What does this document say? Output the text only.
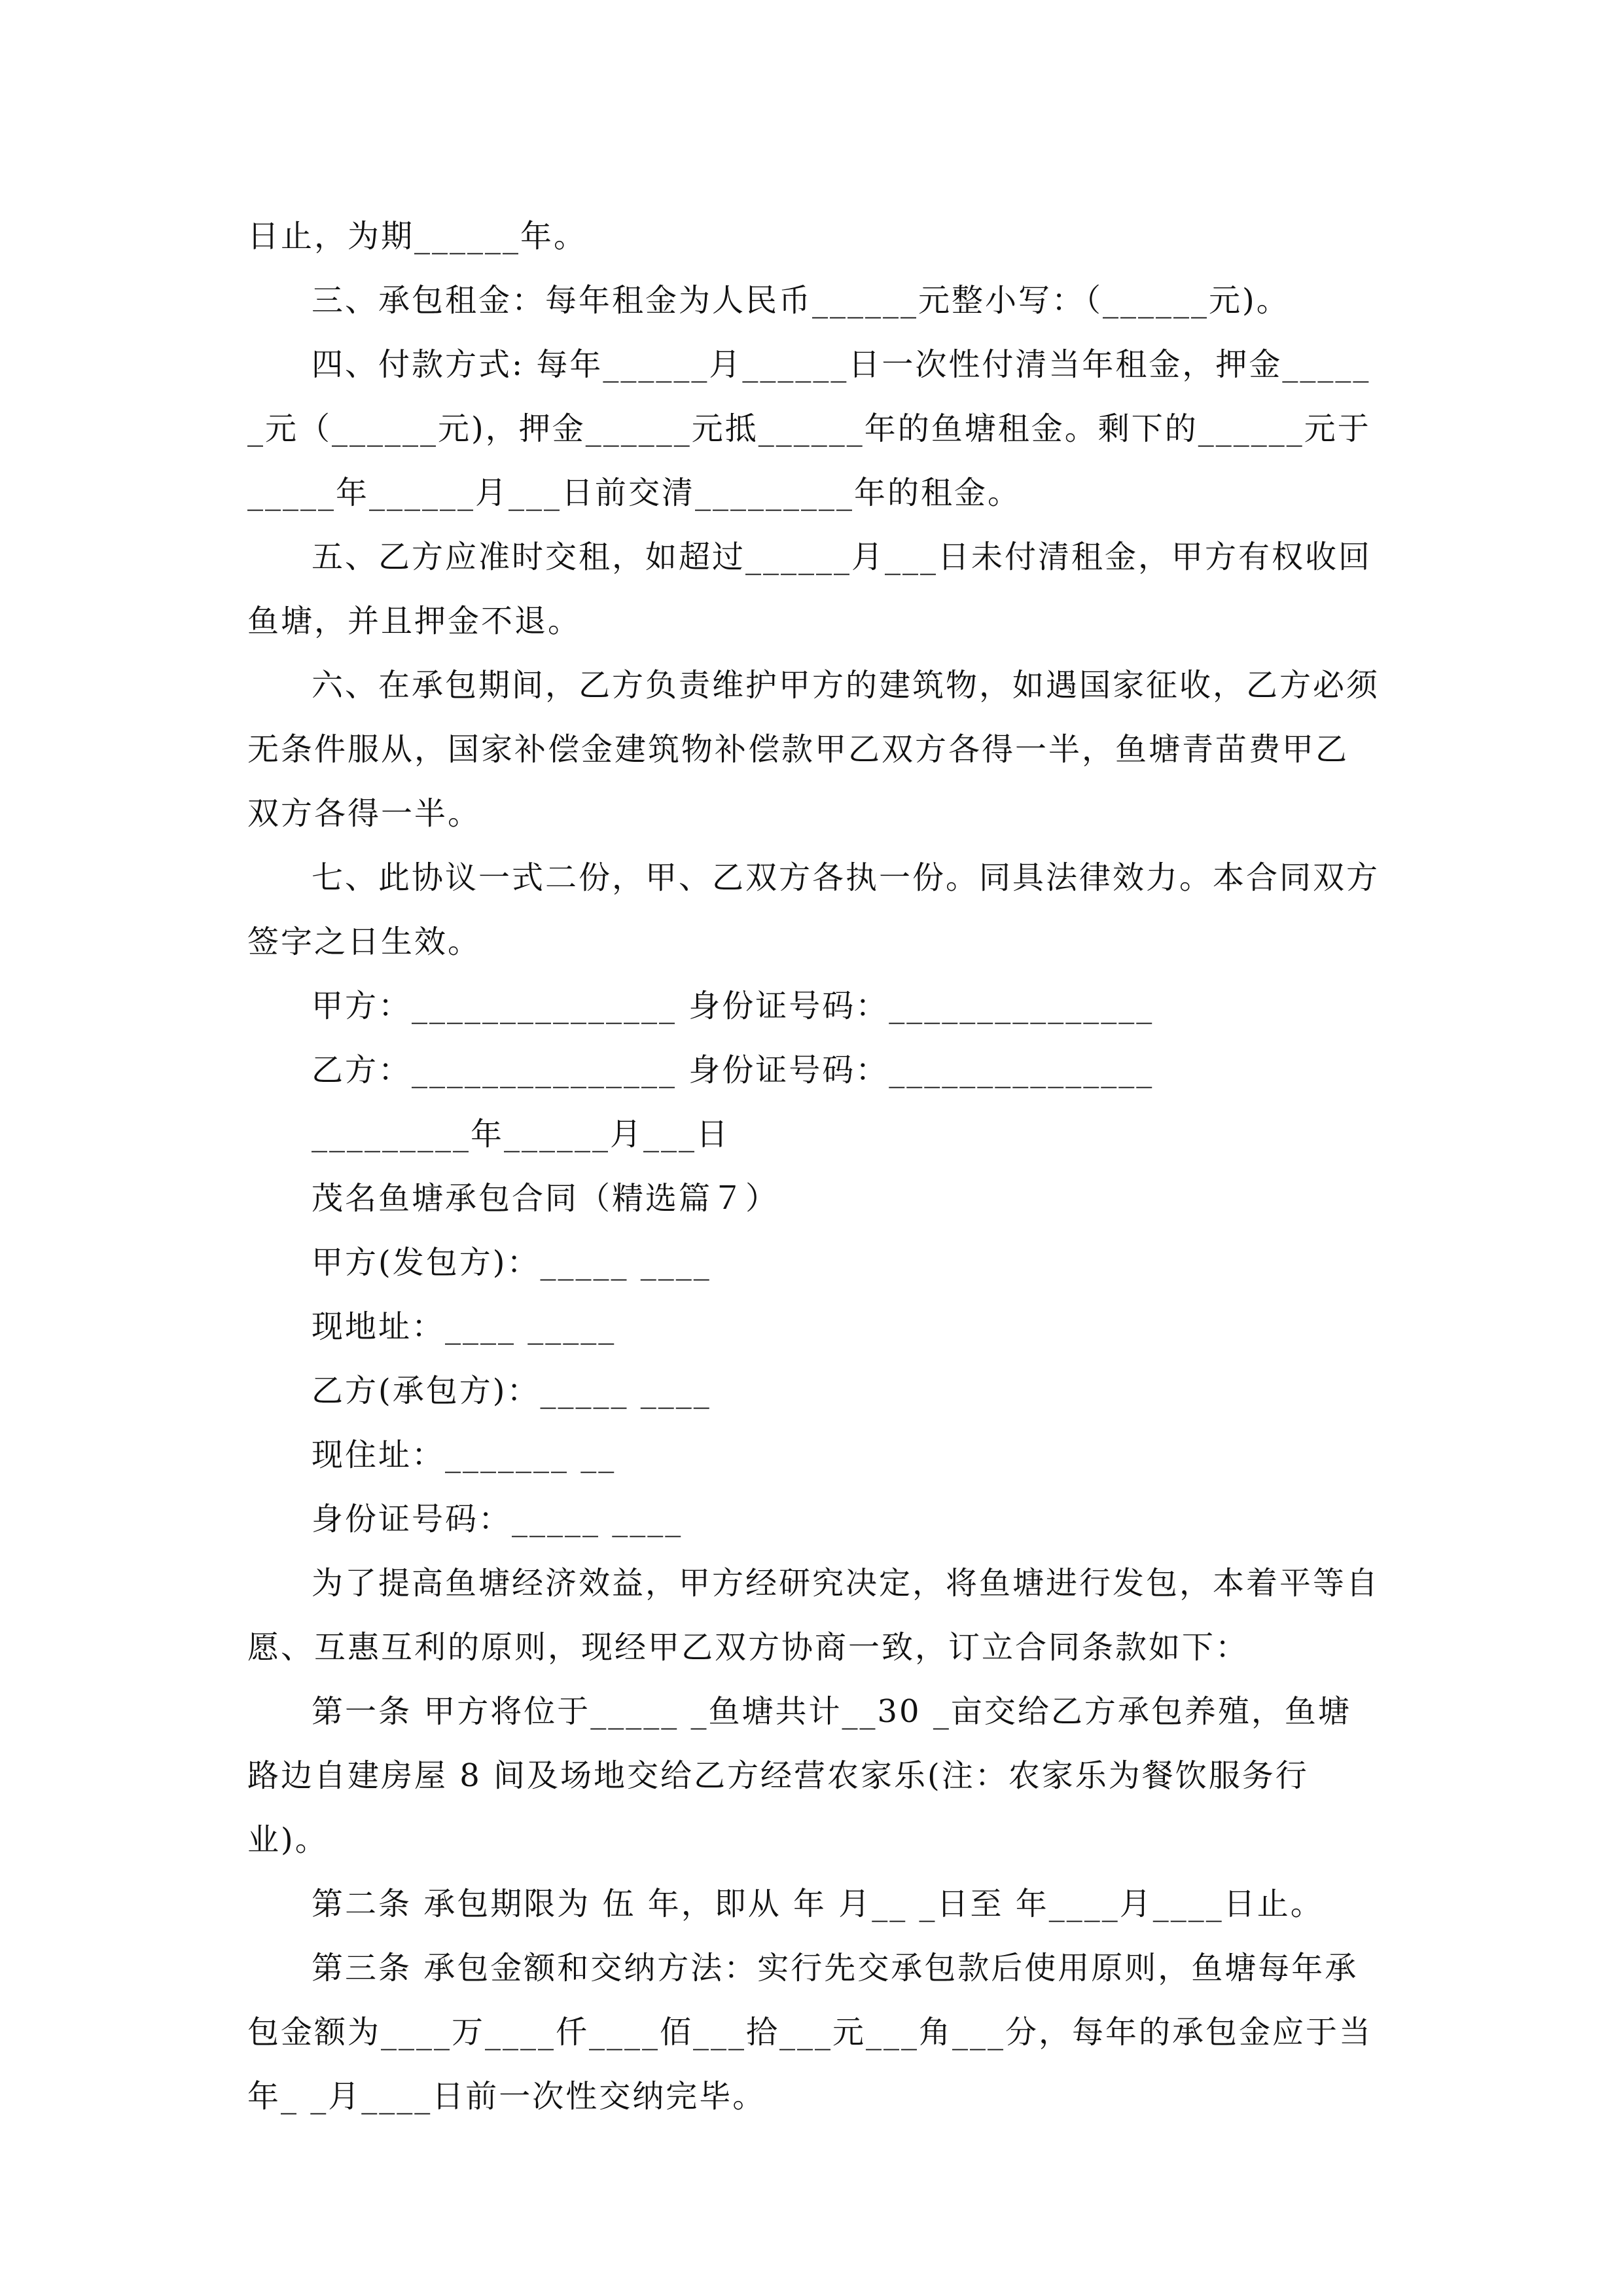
日止，为期______年。

三、承包租金：每年租金为人民币______元整小写：（______元)。

四、付款方式: 每年______月______日一次性付清当年租金，押金______元（______元)，押金______元抵______年的鱼塘租金。剩下的______元于_____年______月___日前交清_________年的租金。

五、乙方应准时交租，如超过______月___日未付清租金，甲方有权收回鱼塘，并且押金不退。

六、在承包期间，乙方负责维护甲方的建筑物，如遇国家征收，乙方必须无条件服从，国家补偿金建筑物补偿款甲乙双方各得一半，鱼塘青苗费甲乙双方各得一半。

七、此协议一式二份，甲、乙双方各执一份。同具法律效力。本合同双方签字之日生效。

甲方：_______________ 身份证号码：_______________

乙方：_______________ 身份证号码：_______________

_________年______月___日

茂名鱼塘承包合同（精选篇７）

甲方(发包方)：_____ ____

现地址：____ _____

乙方(承包方)：_____ ____

现住址：_______ __

身份证号码：_____ ____

为了提高鱼塘经济效益，甲方经研究决定，将鱼塘进行发包，本着平等自愿、互惠互利的原则，现经甲乙双方协商一致，订立合同条款如下：

第一条 甲方将位于_____ _鱼塘共计__30 _亩交给乙方承包养殖，鱼塘路边自建房屋 8 间及场地交给乙方经营农家乐(注：农家乐为餐饮服务行业)。

第二条 承包期限为 伍 年，即从 年 月__ _日至 年____月____日止。

第三条 承包金额和交纳方法：实行先交承包款后使用原则，鱼塘每年承包金额为____万____仟____佰___拾___元___角___分，每年的承包金应于当年_ _月____日前一次性交纳完毕。
